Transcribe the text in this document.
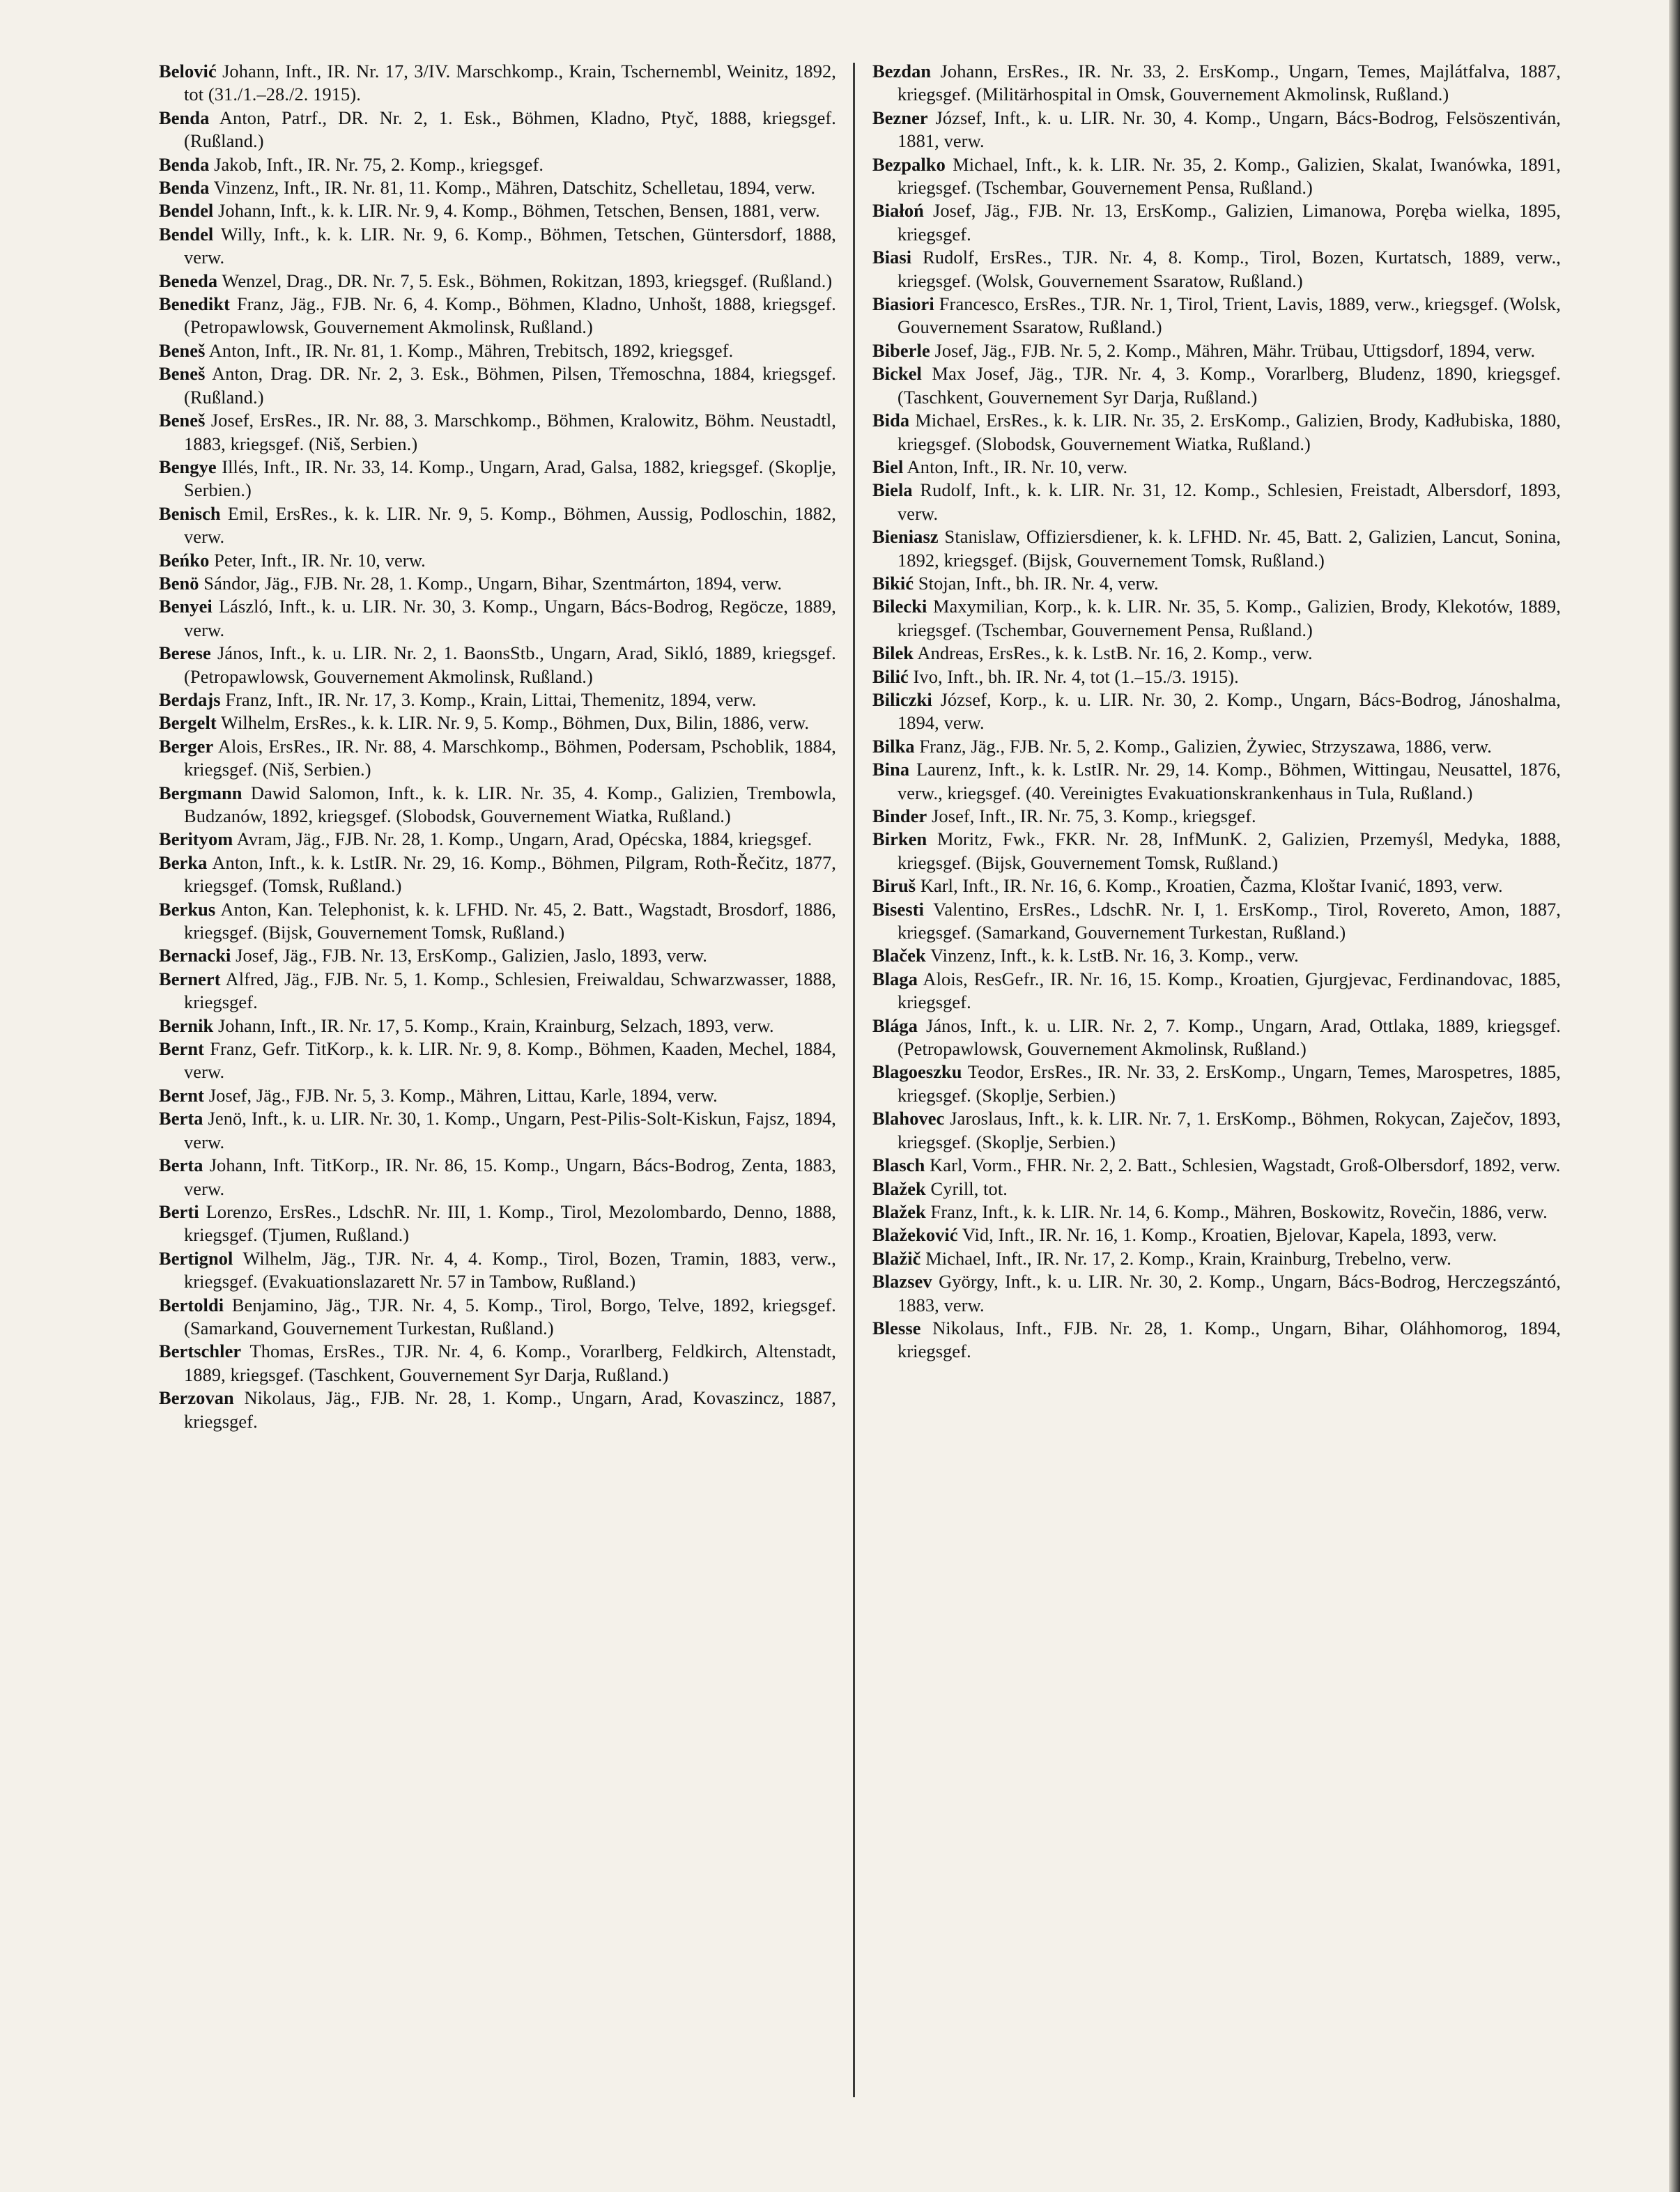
Belović Johann, Inft., IR. Nr. 17, 3/IV. Marschkomp., Krain, Tschernembl, Weinitz, 1892, tot (31./1.–28./2. 1915).

Benda Anton, Patrf., DR. Nr. 2, 1. Esk., Böhmen, Kladno, Ptyč, 1888, kriegsgef. (Rußland.)

Benda Jakob, Inft., IR. Nr. 75, 2. Komp., kriegsgef.

Benda Vinzenz, Inft., IR. Nr. 81, 11. Komp., Mähren, Datschitz, Schelletau, 1894, verw.

Bendel Johann, Inft., k. k. LIR. Nr. 9, 4. Komp., Böhmen, Tetschen, Bensen, 1881, verw.

Bendel Willy, Inft., k. k. LIR. Nr. 9, 6. Komp., Böhmen, Tetschen, Güntersdorf, 1888, verw.

Beneda Wenzel, Drag., DR. Nr. 7, 5. Esk., Böhmen, Rokitzan, 1893, kriegsgef. (Rußland.)

Benedikt Franz, Jäg., FJB. Nr. 6, 4. Komp., Böhmen, Kladno, Unhošt, 1888, kriegsgef. (Petropawlowsk, Gouvernement Akmolinsk, Rußland.)

Beneš Anton, Inft., IR. Nr. 81, 1. Komp., Mähren, Trebitsch, 1892, kriegsgef.

Beneš Anton, Drag. DR. Nr. 2, 3. Esk., Böhmen, Pilsen, Třemoschna, 1884, kriegsgef. (Rußland.)

Beneš Josef, ErsRes., IR. Nr. 88, 3. Marschkomp., Böhmen, Kralowitz, Böhm. Neustadtl, 1883, kriegsgef. (Niš, Serbien.)

Bengye Illés, Inft., IR. Nr. 33, 14. Komp., Ungarn, Arad, Galsa, 1882, kriegsgef. (Skoplje, Serbien.)

Benisch Emil, ErsRes., k. k. LIR. Nr. 9, 5. Komp., Böhmen, Aussig, Podloschin, 1882, verw.

Beńko Peter, Inft., IR. Nr. 10, verw.

Benö Sándor, Jäg., FJB. Nr. 28, 1. Komp., Ungarn, Bihar, Szentmárton, 1894, verw.

Benyei László, Inft., k. u. LIR. Nr. 30, 3. Komp., Ungarn, Bács-Bodrog, Regöcze, 1889, verw.

Berese János, Inft., k. u. LIR. Nr. 2, 1. BaonsStb., Ungarn, Arad, Sikló, 1889, kriegsgef. (Petropawlowsk, Gouvernement Akmolinsk, Rußland.)

Berdajs Franz, Inft., IR. Nr. 17, 3. Komp., Krain, Littai, Themenitz, 1894, verw.

Bergelt Wilhelm, ErsRes., k. k. LIR. Nr. 9, 5. Komp., Böhmen, Dux, Bilin, 1886, verw.

Berger Alois, ErsRes., IR. Nr. 88, 4. Marschkomp., Böhmen, Podersam, Pschoblik, 1884, kriegsgef. (Niš, Serbien.)

Bergmann Dawid Salomon, Inft., k. k. LIR. Nr. 35, 4. Komp., Galizien, Trembowla, Budzanów, 1892, kriegsgef. (Slobodsk, Gouvernement Wiatka, Rußland.)

Berityom Avram, Jäg., FJB. Nr. 28, 1. Komp., Ungarn, Arad, Opécska, 1884, kriegsgef.

Berka Anton, Inft., k. k. LstIR. Nr. 29, 16. Komp., Böhmen, Pilgram, Roth-Řečitz, 1877, kriegsgef. (Tomsk, Rußland.)

Berkus Anton, Kan. Telephonist, k. k. LFHD. Nr. 45, 2. Batt., Wagstadt, Brosdorf, 1886, kriegsgef. (Bijsk, Gouvernement Tomsk, Rußland.)

Bernacki Josef, Jäg., FJB. Nr. 13, ErsKomp., Galizien, Jaslo, 1893, verw.

Bernert Alfred, Jäg., FJB. Nr. 5, 1. Komp., Schlesien, Freiwaldau, Schwarzwasser, 1888, kriegsgef.

Bernik Johann, Inft., IR. Nr. 17, 5. Komp., Krain, Krainburg, Selzach, 1893, verw.

Bernt Franz, Gefr. TitKorp., k. k. LIR. Nr. 9, 8. Komp., Böhmen, Kaaden, Mechel, 1884, verw.

Bernt Josef, Jäg., FJB. Nr. 5, 3. Komp., Mähren, Littau, Karle, 1894, verw.

Berta Jenö, Inft., k. u. LIR. Nr. 30, 1. Komp., Ungarn, Pest-Pilis-Solt-Kiskun, Fajsz, 1894, verw.

Berta Johann, Inft. TitKorp., IR. Nr. 86, 15. Komp., Ungarn, Bács-Bodrog, Zenta, 1883, verw.

Berti Lorenzo, ErsRes., LdschR. Nr. III, 1. Komp., Tirol, Mezolombardo, Denno, 1888, kriegsgef. (Tjumen, Rußland.)

Bertignol Wilhelm, Jäg., TJR. Nr. 4, 4. Komp., Tirol, Bozen, Tramin, 1883, verw., kriegsgef. (Evakuationslazarett Nr. 57 in Tambow, Rußland.)

Bertoldi Benjamino, Jäg., TJR. Nr. 4, 5. Komp., Tirol, Borgo, Telve, 1892, kriegsgef. (Samarkand, Gouvernement Turkestan, Rußland.)

Bertschler Thomas, ErsRes., TJR. Nr. 4, 6. Komp., Vorarlberg, Feldkirch, Altenstadt, 1889, kriegsgef. (Taschkent, Gouvernement Syr Darja, Rußland.)

Berzovan Nikolaus, Jäg., FJB. Nr. 28, 1. Komp., Ungarn, Arad, Kovaszincz, 1887, kriegsgef.

Bezdan Johann, ErsRes., IR. Nr. 33, 2. ErsKomp., Ungarn, Temes, Majlátfalva, 1887, kriegsgef. (Militärhospital in Omsk, Gouvernement Akmolinsk, Rußland.)

Bezner József, Inft., k. u. LIR. Nr. 30, 4. Komp., Ungarn, Bács-Bodrog, Felsöszentiván, 1881, verw.

Bezpalko Michael, Inft., k. k. LIR. Nr. 35, 2. Komp., Galizien, Skalat, Iwanówka, 1891, kriegsgef. (Tschembar, Gouvernement Pensa, Rußland.)

Białoń Josef, Jäg., FJB. Nr. 13, ErsKomp., Galizien, Limanowa, Poręba wielka, 1895, kriegsgef.

Biasi Rudolf, ErsRes., TJR. Nr. 4, 8. Komp., Tirol, Bozen, Kurtatsch, 1889, verw., kriegsgef. (Wolsk, Gouvernement Ssaratow, Rußland.)

Biasiori Francesco, ErsRes., TJR. Nr. 1, Tirol, Trient, Lavis, 1889, verw., kriegsgef. (Wolsk, Gouvernement Ssaratow, Rußland.)

Biberle Josef, Jäg., FJB. Nr. 5, 2. Komp., Mähren, Mähr. Trübau, Uttigsdorf, 1894, verw.

Bickel Max Josef, Jäg., TJR. Nr. 4, 3. Komp., Vorarlberg, Bludenz, 1890, kriegsgef. (Taschkent, Gouvernement Syr Darja, Rußland.)

Bida Michael, ErsRes., k. k. LIR. Nr. 35, 2. ErsKomp., Galizien, Brody, Kadłubiska, 1880, kriegsgef. (Slobodsk, Gouvernement Wiatka, Rußland.)

Biel Anton, Inft., IR. Nr. 10, verw.

Biela Rudolf, Inft., k. k. LIR. Nr. 31, 12. Komp., Schlesien, Freistadt, Albersdorf, 1893, verw.

Bieniasz Stanislaw, Offiziersdiener, k. k. LFHD. Nr. 45, Batt. 2, Galizien, Lancut, Sonina, 1892, kriegsgef. (Bijsk, Gouvernement Tomsk, Rußland.)

Bikić Stojan, Inft., bh. IR. Nr. 4, verw.

Bilecki Maxymilian, Korp., k. k. LIR. Nr. 35, 5. Komp., Galizien, Brody, Klekotów, 1889, kriegsgef. (Tschembar, Gouvernement Pensa, Rußland.)

Bilek Andreas, ErsRes., k. k. LstB. Nr. 16, 2. Komp., verw.

Bilić Ivo, Inft., bh. IR. Nr. 4, tot (1.–15./3. 1915).

Biliczki József, Korp., k. u. LIR. Nr. 30, 2. Komp., Ungarn, Bács-Bodrog, Jánoshalma, 1894, verw.

Bilka Franz, Jäg., FJB. Nr. 5, 2. Komp., Galizien, Żywiec, Strzyszawa, 1886, verw.

Bina Laurenz, Inft., k. k. LstIR. Nr. 29, 14. Komp., Böhmen, Wittingau, Neusattel, 1876, verw., kriegsgef. (40. Vereinigtes Evakuationskrankenhaus in Tula, Rußland.)

Binder Josef, Inft., IR. Nr. 75, 3. Komp., kriegsgef.

Birken Moritz, Fwk., FKR. Nr. 28, InfMunK. 2, Galizien, Przemyśl, Medyka, 1888, kriegsgef. (Bijsk, Gouvernement Tomsk, Rußland.)

Biruš Karl, Inft., IR. Nr. 16, 6. Komp., Kroatien, Čazma, Kloštar Ivanić, 1893, verw.

Bisesti Valentino, ErsRes., LdschR. Nr. I, 1. ErsKomp., Tirol, Rovereto, Amon, 1887, kriegsgef. (Samarkand, Gouvernement Turkestan, Rußland.)

Blaček Vinzenz, Inft., k. k. LstB. Nr. 16, 3. Komp., verw.

Blaga Alois, ResGefr., IR. Nr. 16, 15. Komp., Kroatien, Gjurgjevac, Ferdinandovac, 1885, kriegsgef.

Blága János, Inft., k. u. LIR. Nr. 2, 7. Komp., Ungarn, Arad, Ottlaka, 1889, kriegsgef. (Petropawlowsk, Gouvernement Akmolinsk, Rußland.)

Blagoeszku Teodor, ErsRes., IR. Nr. 33, 2. ErsKomp., Ungarn, Temes, Marospetres, 1885, kriegsgef. (Skoplje, Serbien.)

Blahovec Jaroslaus, Inft., k. k. LIR. Nr. 7, 1. ErsKomp., Böhmen, Rokycan, Zaječov, 1893, kriegsgef. (Skoplje, Serbien.)

Blasch Karl, Vorm., FHR. Nr. 2, 2. Batt., Schlesien, Wagstadt, Groß-Olbersdorf, 1892, verw.

Blažek Cyrill, tot.

Blažek Franz, Inft., k. k. LIR. Nr. 14, 6. Komp., Mähren, Boskowitz, Rovečin, 1886, verw.

Blažeković Vid, Inft., IR. Nr. 16, 1. Komp., Kroatien, Bjelovar, Kapela, 1893, verw.

Blažič Michael, Inft., IR. Nr. 17, 2. Komp., Krain, Krainburg, Trebelno, verw.

Blazsev György, Inft., k. u. LIR. Nr. 30, 2. Komp., Ungarn, Bács-Bodrog, Herczegszántó, 1883, verw.

Blesse Nikolaus, Inft., FJB. Nr. 28, 1. Komp., Ungarn, Bihar, Oláhhomorog, 1894, kriegsgef.
